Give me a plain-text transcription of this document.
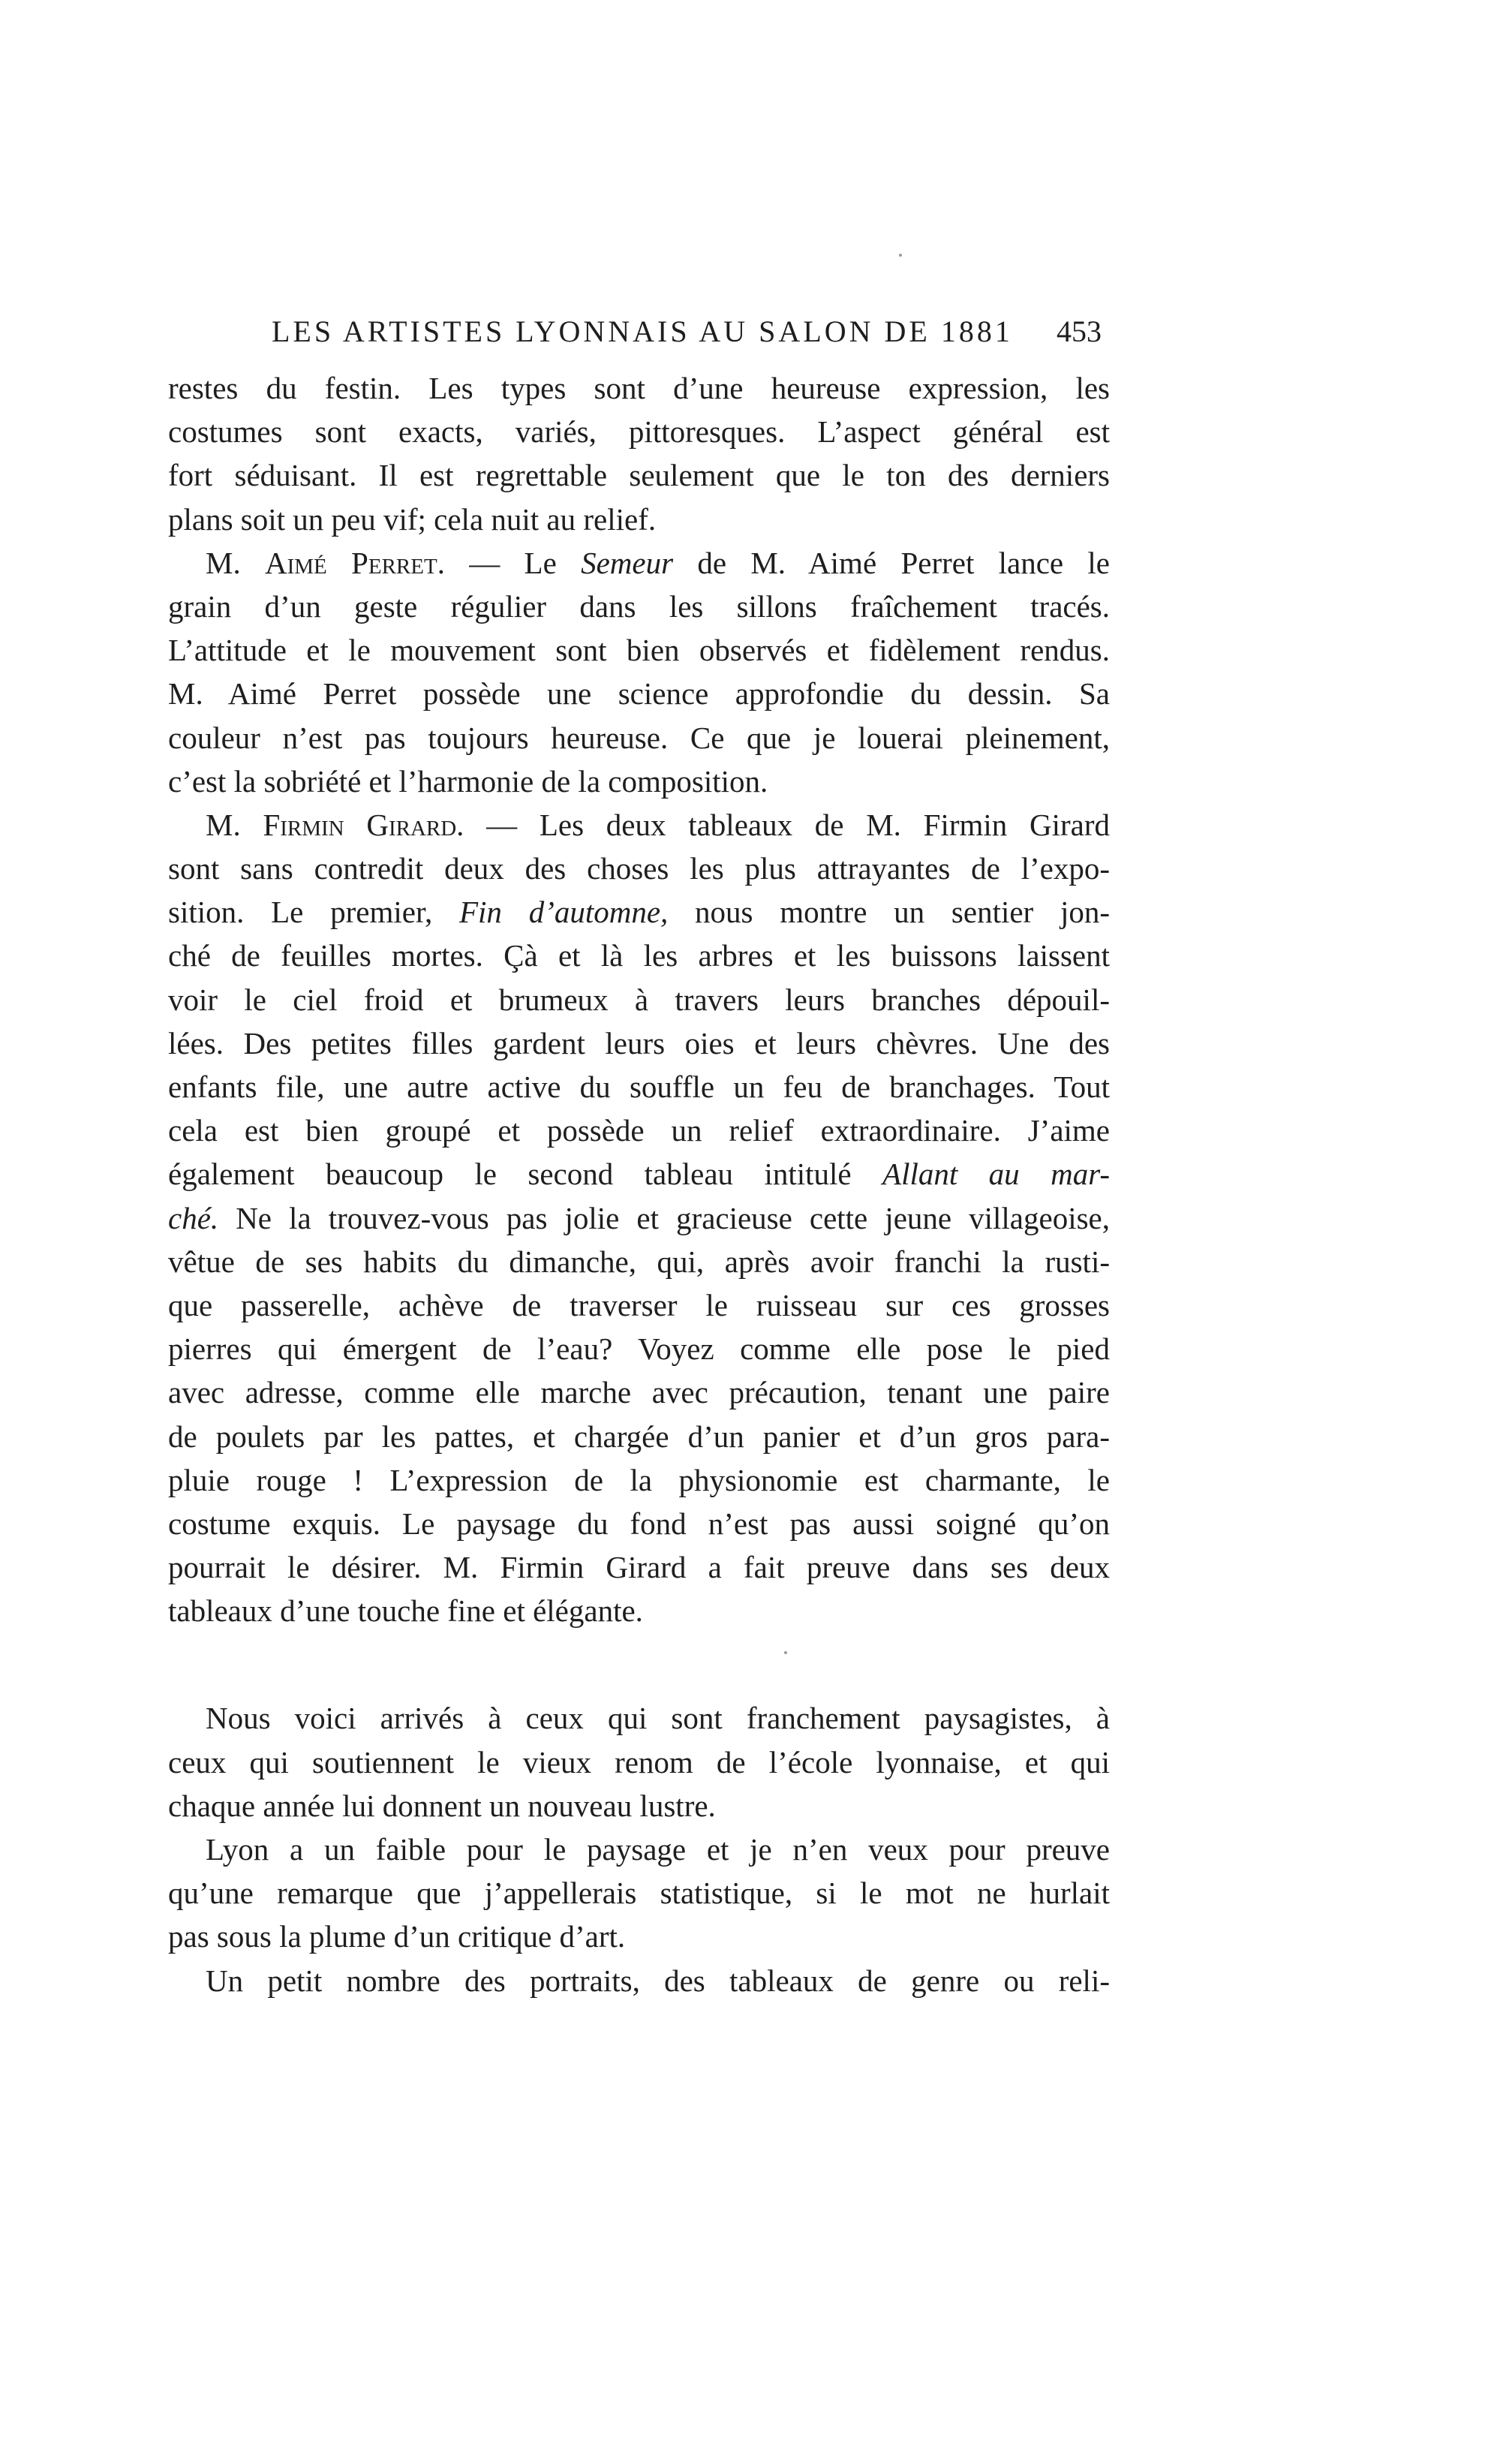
LES ARTISTES LYONNAIS AU SALON DE 1881 453
restes du festin. Les types sont d’une heureuse expression, les
costumes sont exacts, variés, pittoresques. L’aspect général est
fort séduisant. Il est regrettable seulement que le ton des derniers
plans soit un peu vif; cela nuit au relief.
M. Aimé Perret. — Le Semeur de M. Aimé Perret lance le
grain d’un geste régulier dans les sillons fraîchement tracés.
L’attitude et le mouvement sont bien observés et fidèlement rendus.
M. Aimé Perret possède une science approfondie du dessin. Sa
couleur n’est pas toujours heureuse. Ce que je louerai pleinement,
c’est la sobriété et l’harmonie de la composition.
M. Firmin Girard. — Les deux tableaux de M. Firmin Girard
sont sans contredit deux des choses les plus attrayantes de l’expo-
sition. Le premier, Fin d’automne, nous montre un sentier jon-
ché de feuilles mortes. Çà et là les arbres et les buissons laissent
voir le ciel froid et brumeux à travers leurs branches dépouil-
lées. Des petites filles gardent leurs oies et leurs chèvres. Une des
enfants file, une autre active du souffle un feu de branchages. Tout
cela est bien groupé et possède un relief extraordinaire. J’aime
également beaucoup le second tableau intitulé Allant au mar-
ché. Ne la trouvez-vous pas jolie et gracieuse cette jeune villageoise,
vêtue de ses habits du dimanche, qui, après avoir franchi la rusti-
que passerelle, achève de traverser le ruisseau sur ces grosses
pierres qui émergent de l’eau? Voyez comme elle pose le pied
avec adresse, comme elle marche avec précaution, tenant une paire
de poulets par les pattes, et chargée d’un panier et d’un gros para-
pluie rouge ! L’expression de la physionomie est charmante, le
costume exquis. Le paysage du fond n’est pas aussi soigné qu’on
pourrait le désirer. M. Firmin Girard a fait preuve dans ses deux
tableaux d’une touche fine et élégante.
Nous voici arrivés à ceux qui sont franchement paysagistes, à
ceux qui soutiennent le vieux renom de l’école lyonnaise, et qui
chaque année lui donnent un nouveau lustre.
Lyon a un faible pour le paysage et je n’en veux pour preuve
qu’une remarque que j’appellerais statistique, si le mot ne hurlait
pas sous la plume d’un critique d’art.
Un petit nombre des portraits, des tableaux de genre ou reli-
